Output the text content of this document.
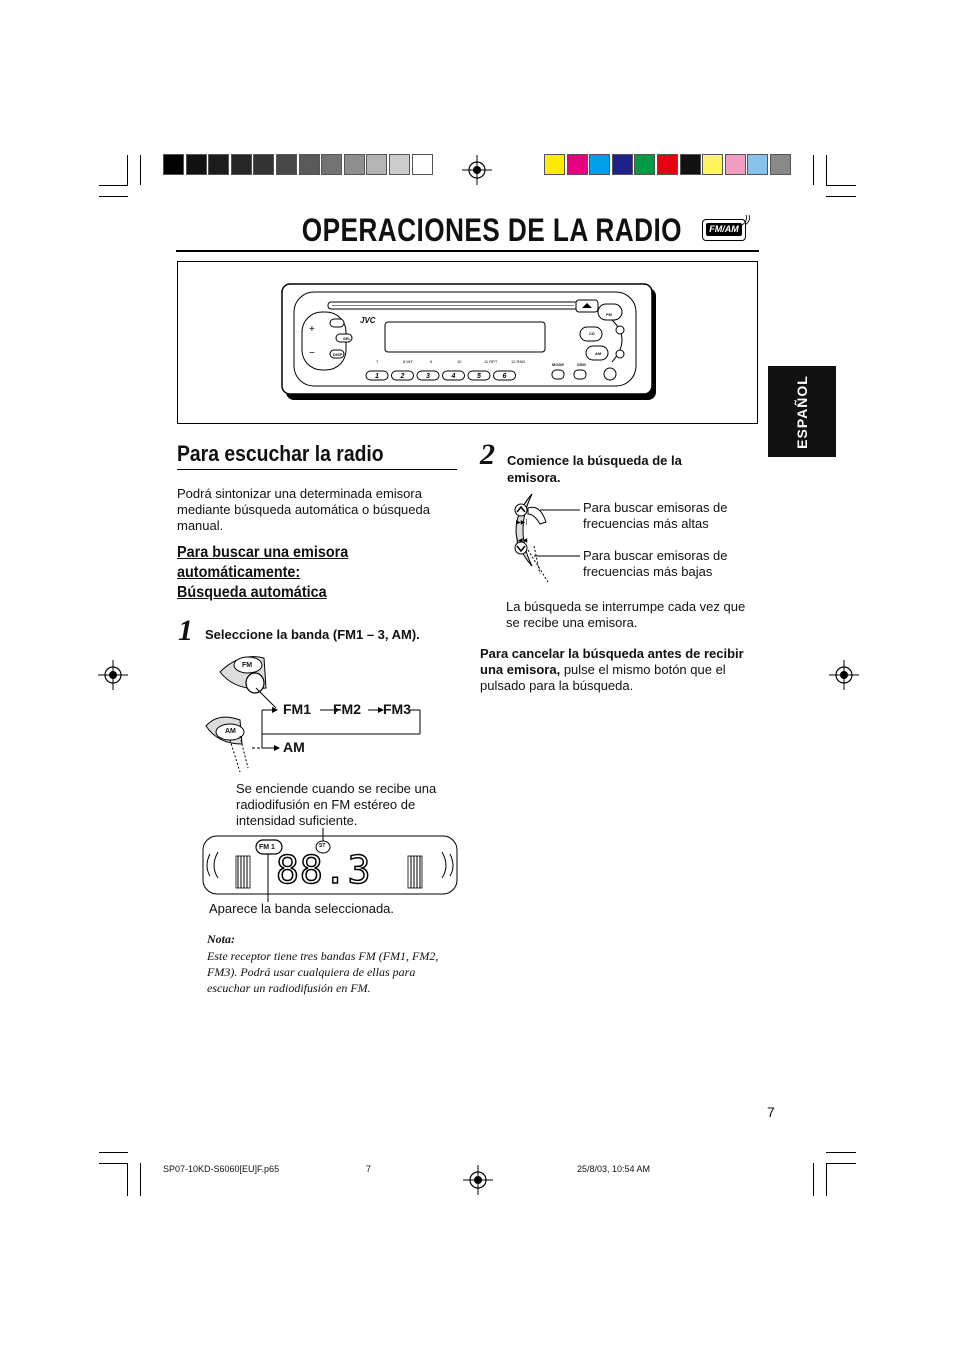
OPERACIONES DE LA RADIO	FM/AM
+
−
1	2	3	4	5	6
7	8 INT	9	10	11 RPT	12 RND
JVC
SEL
DISP
FM
CD
AM
MODE	SSM
ESPAÑOL
Para escuchar la radio
Podrá sintonizar una determinada emisora
mediante búsqueda automática o búsqueda
manual.
Para buscar una emisora
automáticamente:
Búsqueda automática
1 Seleccione la banda (FM1 – 3, AM).
FM
AM
FM1 FM2 FM3
AM
Se enciende cuando se recibe una
radiodifusión en FM estéreo de
intensidad suficiente.
FM 1	ST
88.3
Aparece la banda seleccionada.
Nota:
Este receptor tiene tres bandas FM (FM1, FM2,
FM3). Podrá usar cualquiera de ellas para
escuchar un radiodifusión en FM.
2 Comience la búsqueda de la
emisora.
▶▶|
|◀◀
Para buscar emisoras de
frecuencias más altas
Para buscar emisoras de
frecuencias más bajas
La búsqueda se interrumpe cada vez que
se recibe una emisora.
Para cancelar la búsqueda antes de recibir
una emisora, pulse el mismo botón que el
pulsado para la búsqueda.
7
SP07-10KD-S6060[EU]F.p65	7	25/8/03, 10:54 AM
